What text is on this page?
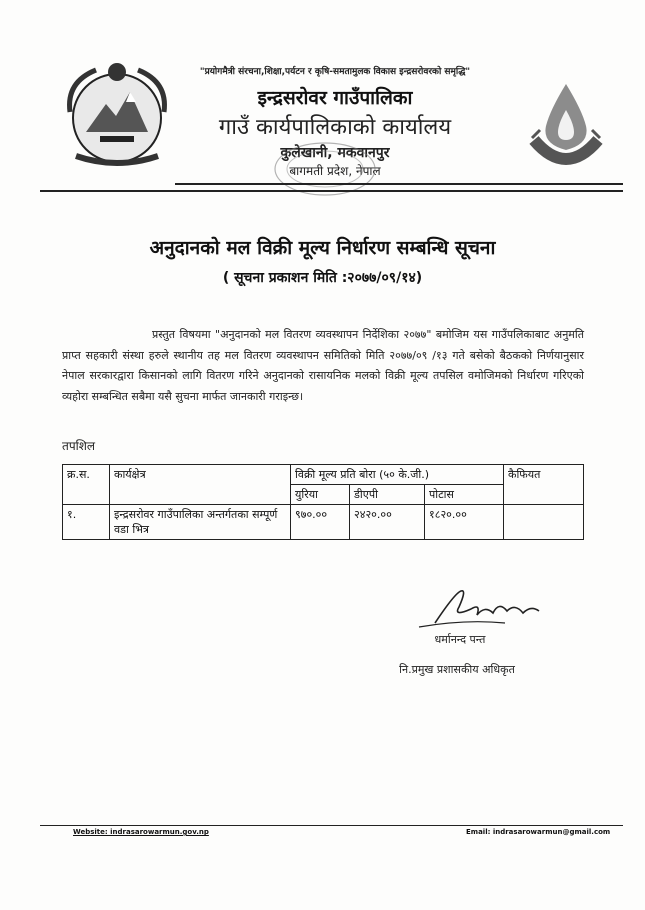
"प्रयोगमैत्री संरचना,शिक्षा,पर्यटन र कृषि-समतामुलक विकास इन्द्रसरोवरको समृद्धि"
इन्द्रसरोवर गाउँपालिका
गाउँ कार्यपालिकाको कार्यालय
कुलेखानी, मकवानपुर
बागमती प्रदेश, नेपाल
अनुदानको मल विक्री मूल्य निर्धारण सम्बन्धि सूचना
( सूचना प्रकाशन मिति :२०७७/०९/१४)
प्रस्तुत विषयमा "अनुदानको मल वितरण व्यवस्थापन निर्देशिका २०७७" बमोजिम यस गाउँपलिकाबाट अनुमति प्राप्त सहकारी संस्था हरुले स्थानीय तह मल वितरण व्यवस्थापन समितिको मिति २०७७/०९ /१३ गते बसेको बैठकको निर्णयानुसार नेपाल सरकारद्वारा किसानको लागि वितरण गरिने अनुदानको रासायनिक मलको विक्री मूल्य तपसिल वमोजिमको निर्धारण गरिएको व्यहोरा सम्बन्धित सबैमा यसै सुचना मार्फत जानकारी गराइन्छ।
तपशिल
क्र.स.	कार्यक्षेत्र	विक्री मूल्य प्रति बोरा (५० के.जी.)			कैफियत
		युरिया	डीएपी	पोटास	
१.	इन्द्रसरोवर गाउँपालिका अन्तर्गतका सम्पूर्ण वडा भित्र	९७०.००	२४२०.००	१८२०.००	
धर्मानन्द पन्त
नि.प्रमुख प्रशासकीय अधिकृत
Website: indrasarowarmun.gov.np	Email: indrasarowarmun@gmail.com
